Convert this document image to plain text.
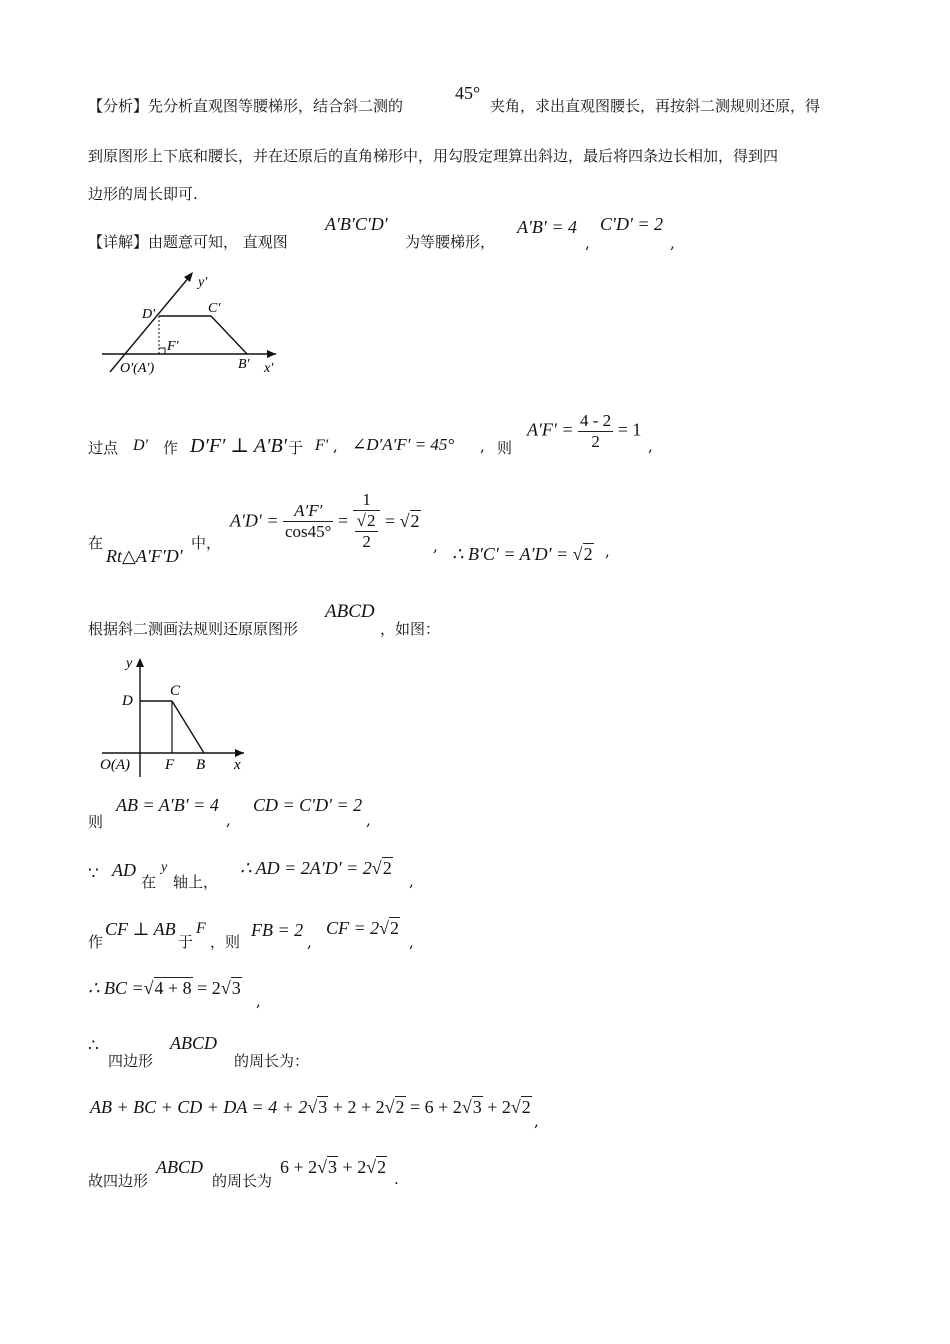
【分析】先分析直观图等腰梯形，结合斜二测的
45°
夹角，求出直观图腰长，再按斜二测规则还原，得
到原图形上下底和腰长，并在还原后的直角梯形中，用勾股定理算出斜边，最后将四条边长相加，得到四
边形的周长即可.
【详解】由题意可知， 直观图
A′B′C′D′
为等腰梯形，
A′B′ = 4
,
C′D′ = 2
,
y′
D′	C′
F′
O′(A′)	B′ x′
过点 D′ 作 D′F′ ⊥ A′B′ 于 F′ , ∠D′A′F′ = 45° , 则
$A'F' = \frac{4 - 2}{2} = 1$
,
在
Rt△A′F′D′
中，
$A'D' = \frac{A'F'}{\cos 45^\circ} = \frac{1}{\frac{√2}{2}} = √2$
, ∴ B′C′ = A′D′ = √2 ,
根据斜二测画法规则还原原图形
ABCD
，如图：
y
D
C
O(A) F B x
则
AB = A′B′ = 4
,
CD = C′D′ = 2
,
∵ AD
在
y
轴上，
∴ AD = 2A′D′ = 2√2
,
作
CF ⊥ AB
于
F
，则
FB = 2
,
CF = 2√2
,
∴ BC =√4 + 8 = 2√3
,
∴
四边形
ABCD
的周长为：
AB + BC + CD + DA = 4 + 2√3 + 2 + 2√2 = 6 + 2√3 + 2√2
,
故四边形
ABCD
的周长为
6 + 2√3 + 2√2
.
